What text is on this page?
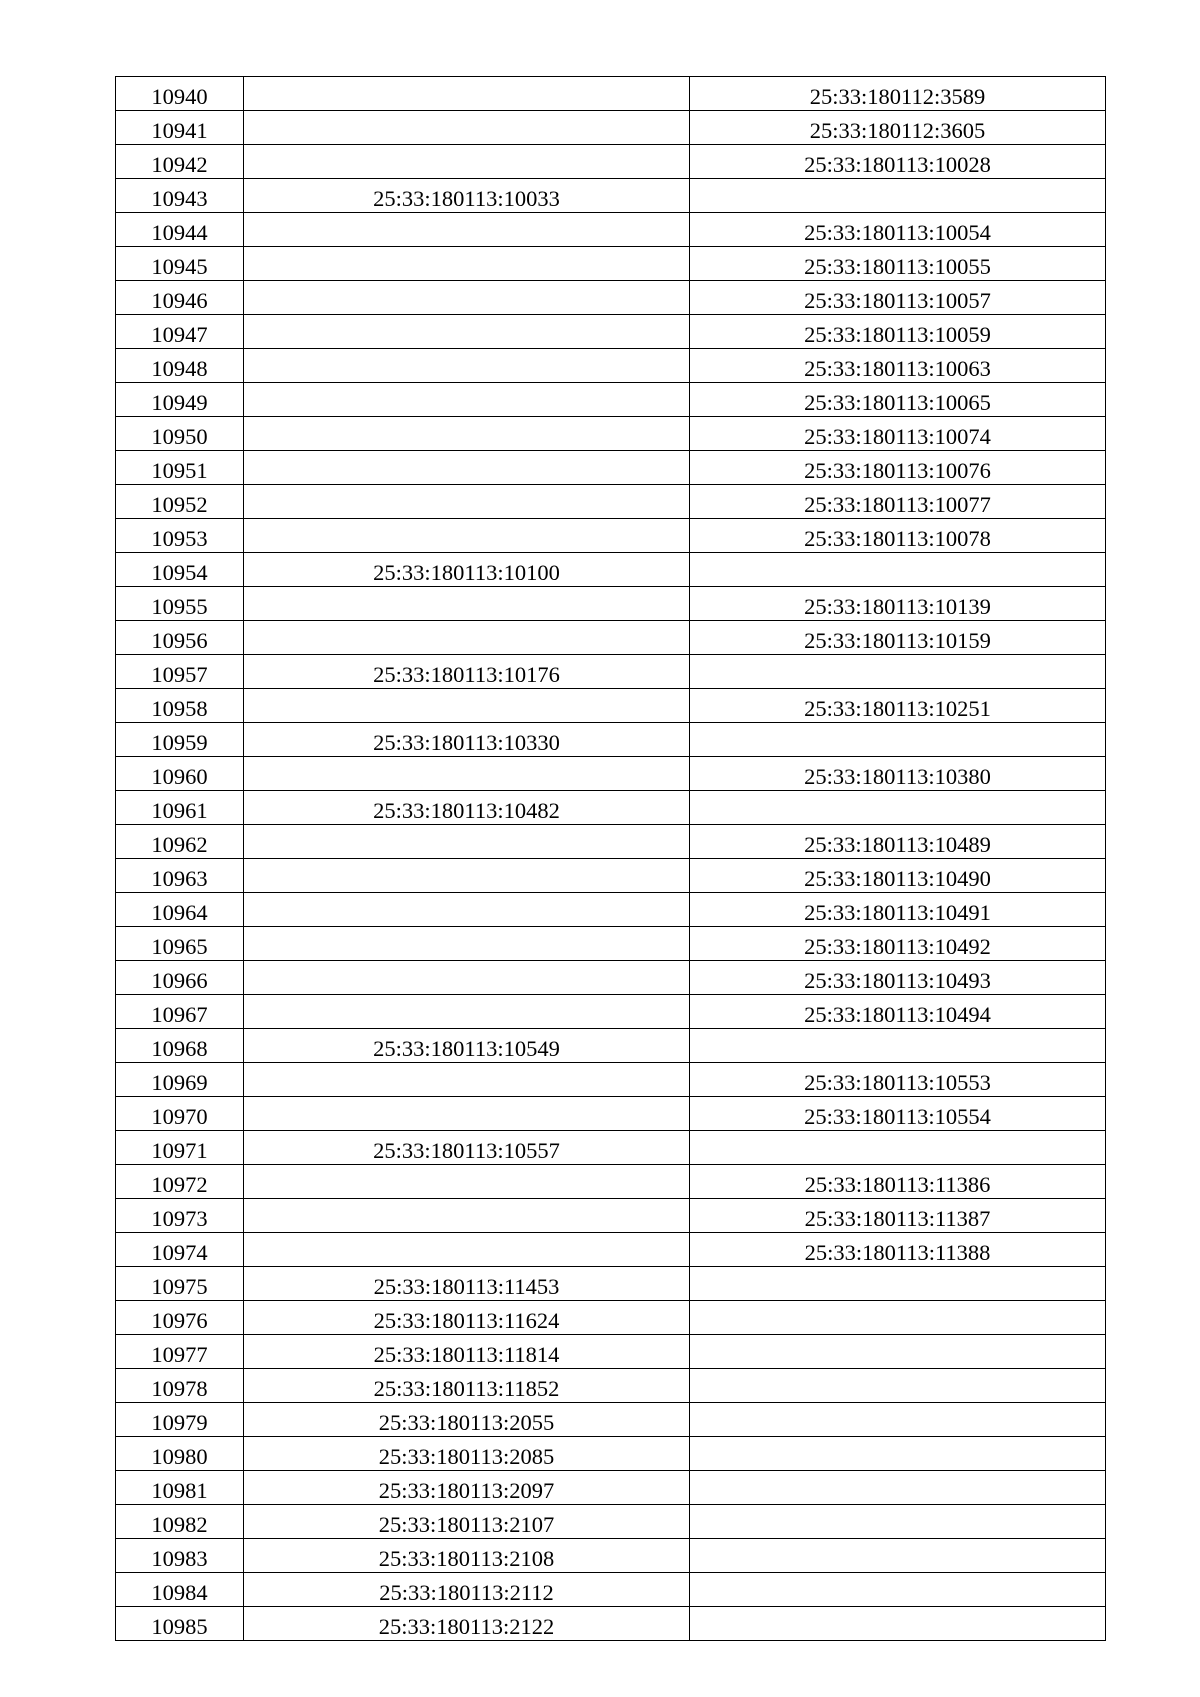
10940		25:33:180112:3589
10941		25:33:180112:3605
10942		25:33:180113:10028
10943	25:33:180113:10033	
10944		25:33:180113:10054
10945		25:33:180113:10055
10946		25:33:180113:10057
10947		25:33:180113:10059
10948		25:33:180113:10063
10949		25:33:180113:10065
10950		25:33:180113:10074
10951		25:33:180113:10076
10952		25:33:180113:10077
10953		25:33:180113:10078
10954	25:33:180113:10100	
10955		25:33:180113:10139
10956		25:33:180113:10159
10957	25:33:180113:10176	
10958		25:33:180113:10251
10959	25:33:180113:10330	
10960		25:33:180113:10380
10961	25:33:180113:10482	
10962		25:33:180113:10489
10963		25:33:180113:10490
10964		25:33:180113:10491
10965		25:33:180113:10492
10966		25:33:180113:10493
10967		25:33:180113:10494
10968	25:33:180113:10549	
10969		25:33:180113:10553
10970		25:33:180113:10554
10971	25:33:180113:10557	
10972		25:33:180113:11386
10973		25:33:180113:11387
10974		25:33:180113:11388
10975	25:33:180113:11453	
10976	25:33:180113:11624	
10977	25:33:180113:11814	
10978	25:33:180113:11852	
10979	25:33:180113:2055	
10980	25:33:180113:2085	
10981	25:33:180113:2097	
10982	25:33:180113:2107	
10983	25:33:180113:2108	
10984	25:33:180113:2112	
10985	25:33:180113:2122	
